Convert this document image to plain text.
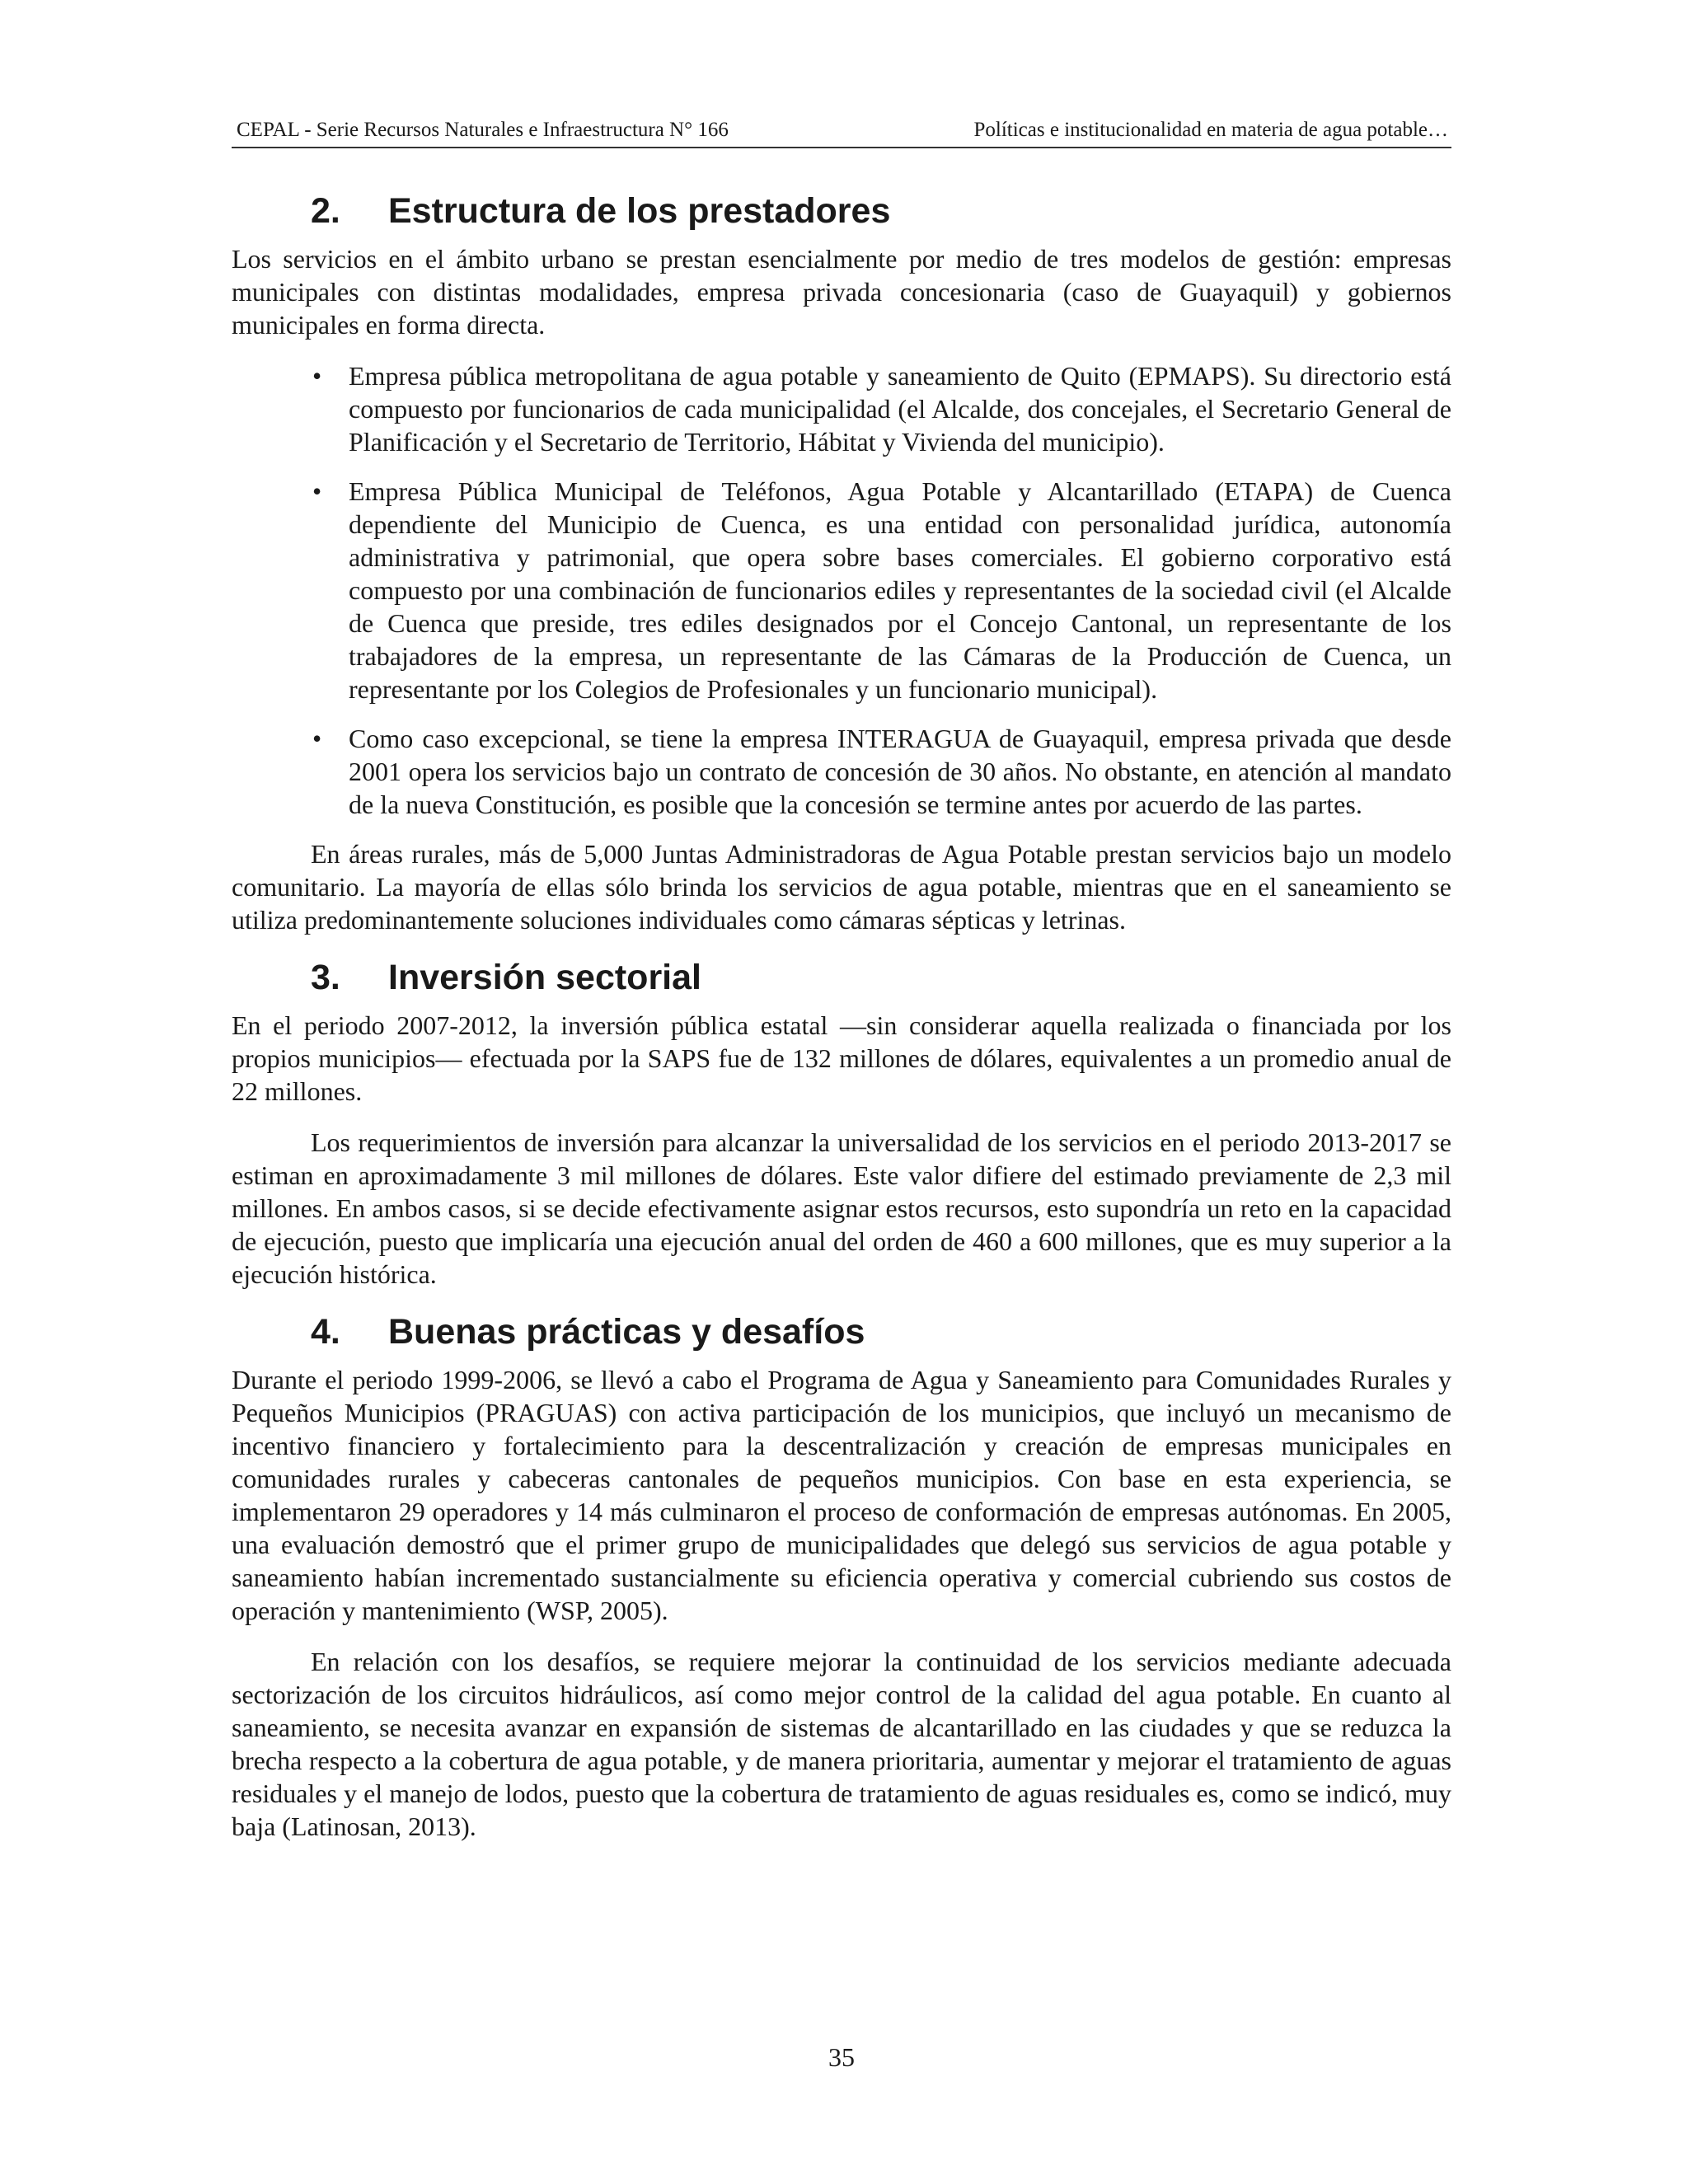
CEPAL - Serie Recursos Naturales e Infraestructura N° 166	Políticas e institucionalidad en materia de agua potable…
2. Estructura de los prestadores

Los servicios en el ámbito urbano se prestan esencialmente por medio de tres modelos de gestión: empresas municipales con distintas modalidades, empresa privada concesionaria (caso de Guayaquil) y gobiernos municipales en forma directa.

• Empresa pública metropolitana de agua potable y saneamiento de Quito (EPMAPS). Su directorio está compuesto por funcionarios de cada municipalidad (el Alcalde, dos concejales, el Secretario General de Planificación y el Secretario de Territorio, Hábitat y Vivienda del municipio).
• Empresa Pública Municipal de Teléfonos, Agua Potable y Alcantarillado (ETAPA) de Cuenca dependiente del Municipio de Cuenca, es una entidad con personalidad jurídica, autonomía administrativa y patrimonial, que opera sobre bases comerciales. El gobierno corporativo está compuesto por una combinación de funcionarios ediles y representantes de la sociedad civil (el Alcalde de Cuenca que preside, tres ediles designados por el Concejo Cantonal, un representante de los trabajadores de la empresa, un representante de las Cámaras de la Producción de Cuenca, un representante por los Colegios de Profesionales y un funcionario municipal).
• Como caso excepcional, se tiene la empresa INTERAGUA de Guayaquil, empresa privada que desde 2001 opera los servicios bajo un contrato de concesión de 30 años. No obstante, en atención al mandato de la nueva Constitución, es posible que la concesión se termine antes por acuerdo de las partes.

En áreas rurales, más de 5,000 Juntas Administradoras de Agua Potable prestan servicios bajo un modelo comunitario. La mayoría de ellas sólo brinda los servicios de agua potable, mientras que en el saneamiento se utiliza predominantemente soluciones individuales como cámaras sépticas y letrinas.

3. Inversión sectorial

En el periodo 2007-2012, la inversión pública estatal —sin considerar aquella realizada o financiada por los propios municipios— efectuada por la SAPS fue de 132 millones de dólares, equivalentes a un promedio anual de 22 millones.

Los requerimientos de inversión para alcanzar la universalidad de los servicios en el periodo 2013-2017 se estiman en aproximadamente 3 mil millones de dólares. Este valor difiere del estimado previamente de 2,3 mil millones. En ambos casos, si se decide efectivamente asignar estos recursos, esto supondría un reto en la capacidad de ejecución, puesto que implicaría una ejecución anual del orden de 460 a 600 millones, que es muy superior a la ejecución histórica.

4. Buenas prácticas y desafíos

Durante el periodo 1999-2006, se llevó a cabo el Programa de Agua y Saneamiento para Comunidades Rurales y Pequeños Municipios (PRAGUAS) con activa participación de los municipios, que incluyó un mecanismo de incentivo financiero y fortalecimiento para la descentralización y creación de empresas municipales en comunidades rurales y cabeceras cantonales de pequeños municipios. Con base en esta experiencia, se implementaron 29 operadores y 14 más culminaron el proceso de conformación de empresas autónomas. En 2005, una evaluación demostró que el primer grupo de municipalidades que delegó sus servicios de agua potable y saneamiento habían incrementado sustancialmente su eficiencia operativa y comercial cubriendo sus costos de operación y mantenimiento (WSP, 2005).

En relación con los desafíos, se requiere mejorar la continuidad de los servicios mediante adecuada sectorización de los circuitos hidráulicos, así como mejor control de la calidad del agua potable. En cuanto al saneamiento, se necesita avanzar en expansión de sistemas de alcantarillado en las ciudades y que se reduzca la brecha respecto a la cobertura de agua potable, y de manera prioritaria, aumentar y mejorar el tratamiento de aguas residuales y el manejo de lodos, puesto que la cobertura de tratamiento de aguas residuales es, como se indicó, muy baja (Latinosan, 2013).

35
